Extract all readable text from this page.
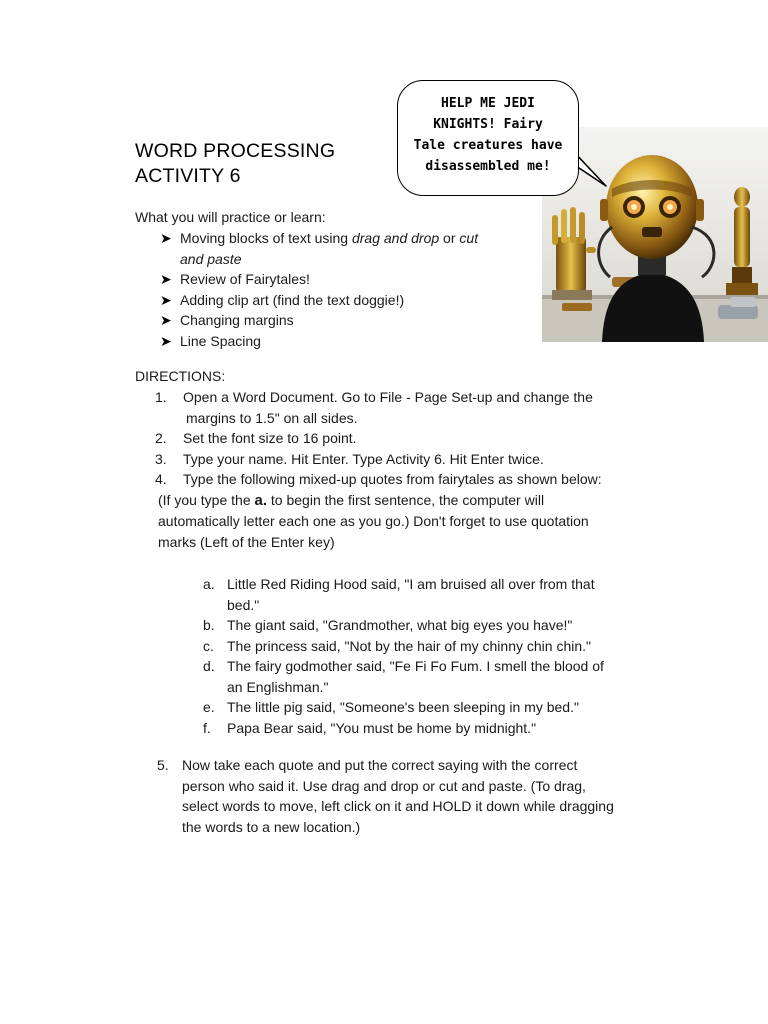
WORD PROCESSING
ACTIVITY 6
HELP ME JEDI
KNIGHTS! Fairy
Tale creatures have
disassembled me!
What you will practice or learn:
➤ Moving blocks of text using drag and drop or cut
and paste
➤ Review of Fairytales!
➤ Adding clip art (find the text doggie!)
➤ Changing margins
➤ Line Spacing
DIRECTIONS:
1. Open a Word Document. Go to File - Page Set-up and change the
margins to 1.5" on all sides.
2. Set the font size to 16 point.
3. Type your name. Hit Enter. Type Activity 6. Hit Enter twice.
4. Type the following mixed-up quotes from fairytales as shown below:
(If you type the a. to begin the first sentence, the computer will
automatically letter each one as you go.) Don't forget to use quotation
marks (Left of the Enter key)
a. Little Red Riding Hood said, "I am bruised all over from that
bed."
b. The giant said, "Grandmother, what big eyes you have!"
c. The princess said, "Not by the hair of my chinny chin chin."
d. The fairy godmother said, "Fe Fi Fo Fum. I smell the blood of
an Englishman."
e. The little pig said, "Someone's been sleeping in my bed."
f. Papa Bear said, "You must be home by midnight."
5. Now take each quote and put the correct saying with the correct
person who said it. Use drag and drop or cut and paste. (To drag,
select words to move, left click on it and HOLD it down while dragging
the words to a new location.)
